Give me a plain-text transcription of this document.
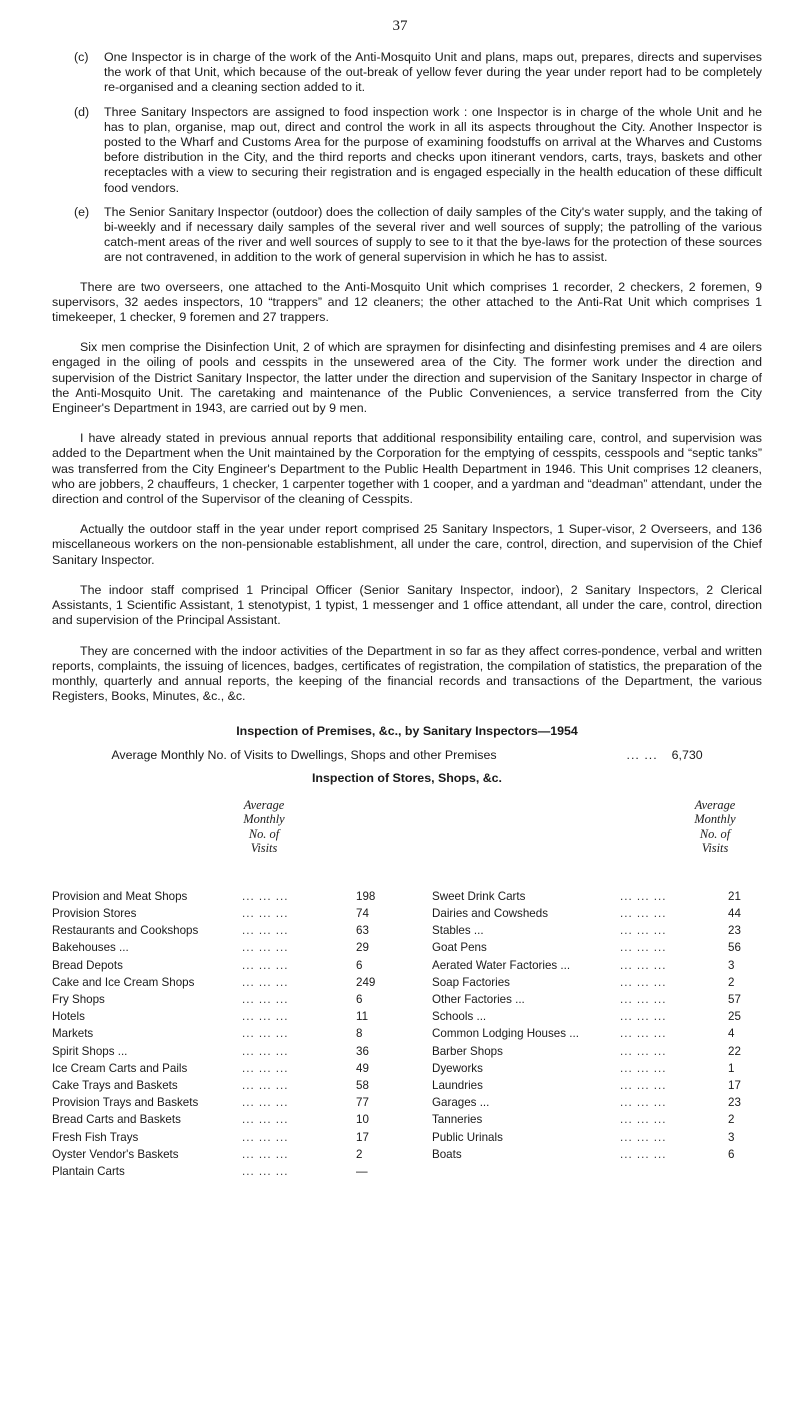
37
(c) One Inspector is in charge of the work of the Anti-Mosquito Unit and plans, maps out, prepares, directs and supervises the work of that Unit, which because of the out-break of yellow fever during the year under report had to be completely re-organised and a cleaning section added to it.
(d) Three Sanitary Inspectors are assigned to food inspection work : one Inspector is in charge of the whole Unit and he has to plan, organise, map out, direct and control the work in all its aspects throughout the City. Another Inspector is posted to the Wharf and Customs Area for the purpose of examining foodstuffs on arrival at the Wharves and Customs before distribution in the City, and the third reports and checks upon itinerant vendors, carts, trays, baskets and other receptacles with a view to securing their registration and is engaged especially in the health education of these difficult food vendors.
(e) The Senior Sanitary Inspector (outdoor) does the collection of daily samples of the City's water supply, and the taking of bi-weekly and if necessary daily samples of the several river and well sources of supply; the patrolling of the various catch-ment areas of the river and well sources of supply to see to it that the bye-laws for the protection of these sources are not contravened, in addition to the work of general supervision in which he has to assist.

There are two overseers, one attached to the Anti-Mosquito Unit which comprises 1 recorder, 2 checkers, 2 foremen, 9 supervisors, 32 aedes inspectors, 10 “trappers” and 12 cleaners; the other attached to the Anti-Rat Unit which comprises 1 timekeeper, 1 checker, 9 foremen and 27 trappers.

Six men comprise the Disinfection Unit, 2 of which are spraymen for disinfecting and disinfesting premises and 4 are oilers engaged in the oiling of pools and cesspits in the unsewered area of the City. The former work under the direction and supervision of the District Sanitary Inspector, the latter under the direction and supervision of the Sanitary Inspector in charge of the Anti-Mosquito Unit. The caretaking and maintenance of the Public Conveniences, a service transferred from the City Engineer's Department in 1943, are carried out by 9 men.

I have already stated in previous annual reports that additional responsibility entailing care, control, and supervision was added to the Department when the Unit maintained by the Corporation for the emptying of cesspits, cesspools and “septic tanks” was transferred from the City Engineer's Department to the Public Health Department in 1946. This Unit comprises 12 cleaners, who are jobbers, 2 chauffeurs, 1 checker, 1 carpenter together with 1 cooper, and a yardman and “deadman” attendant, under the direction and control of the Supervisor of the cleaning of Cesspits.

Actually the outdoor staff in the year under report comprised 25 Sanitary Inspectors, 1 Super-visor, 2 Overseers, and 136 miscellaneous workers on the non-pensionable establishment, all under the care, control, direction, and supervision of the Chief Sanitary Inspector.

The indoor staff comprised 1 Principal Officer (Senior Sanitary Inspector, indoor), 2 Sanitary Inspectors, 2 Clerical Assistants, 1 Scientific Assistant, 1 stenotypist, 1 typist, 1 messenger and 1 office attendant, all under the care, control, direction and supervision of the Principal Assistant.

They are concerned with the indoor activities of the Department in so far as they affect corres-pondence, verbal and written reports, complaints, the issuing of licences, badges, certificates of registration, the compilation of statistics, the preparation of the monthly, quarterly and annual reports, the keeping of the financial records and transactions of the Department, the various Registers, Books, Minutes, &c., &c.

Inspection of Premises, &c., by Sanitary Inspectors—1954
Average Monthly No. of Visits to Dwellings, Shops and other Premises	... ... 6,730
Inspection of Stores, Shops, &c.
Average
Monthly
No. of
Visits
Average
Monthly
No. of
Visits
Provision and Meat Shops	... ... ...	198
Provision Stores	... ... ...	74
Restaurants and Cookshops	... ... ...	63
Bakehouses ...	... ... ...	29
Bread Depots	... ... ...	6
Cake and Ice Cream Shops	... ... ...	249
Fry Shops	... ... ...	6
Hotels	... ... ...	11
Markets	... ... ...	8
Spirit Shops ...	... ... ...	36
Ice Cream Carts and Pails	... ... ...	49
Cake Trays and Baskets	... ... ...	58
Provision Trays and Baskets	... ... ...	77
Bread Carts and Baskets	... ... ...	10
Fresh Fish Trays	... ... ...	17
Oyster Vendor's Baskets	... ... ...	2
Plantain Carts	... ... ...	—
Sweet Drink Carts	... ... ...	21
Dairies and Cowsheds	... ... ...	44
Stables ...	... ... ...	23
Goat Pens	... ... ...	56
Aerated Water Factories ...	... ... ...	3
Soap Factories	... ... ...	2
Other Factories ...	... ... ...	57
Schools ...	... ... ...	25
Common Lodging Houses ...	... ... ...	4
Barber Shops	... ... ...	22
Dyeworks	... ... ...	1
Laundries	... ... ...	17
Garages ...	... ... ...	23
Tanneries	... ... ...	2
Public Urinals	... ... ...	3
Boats	... ... ...	6
